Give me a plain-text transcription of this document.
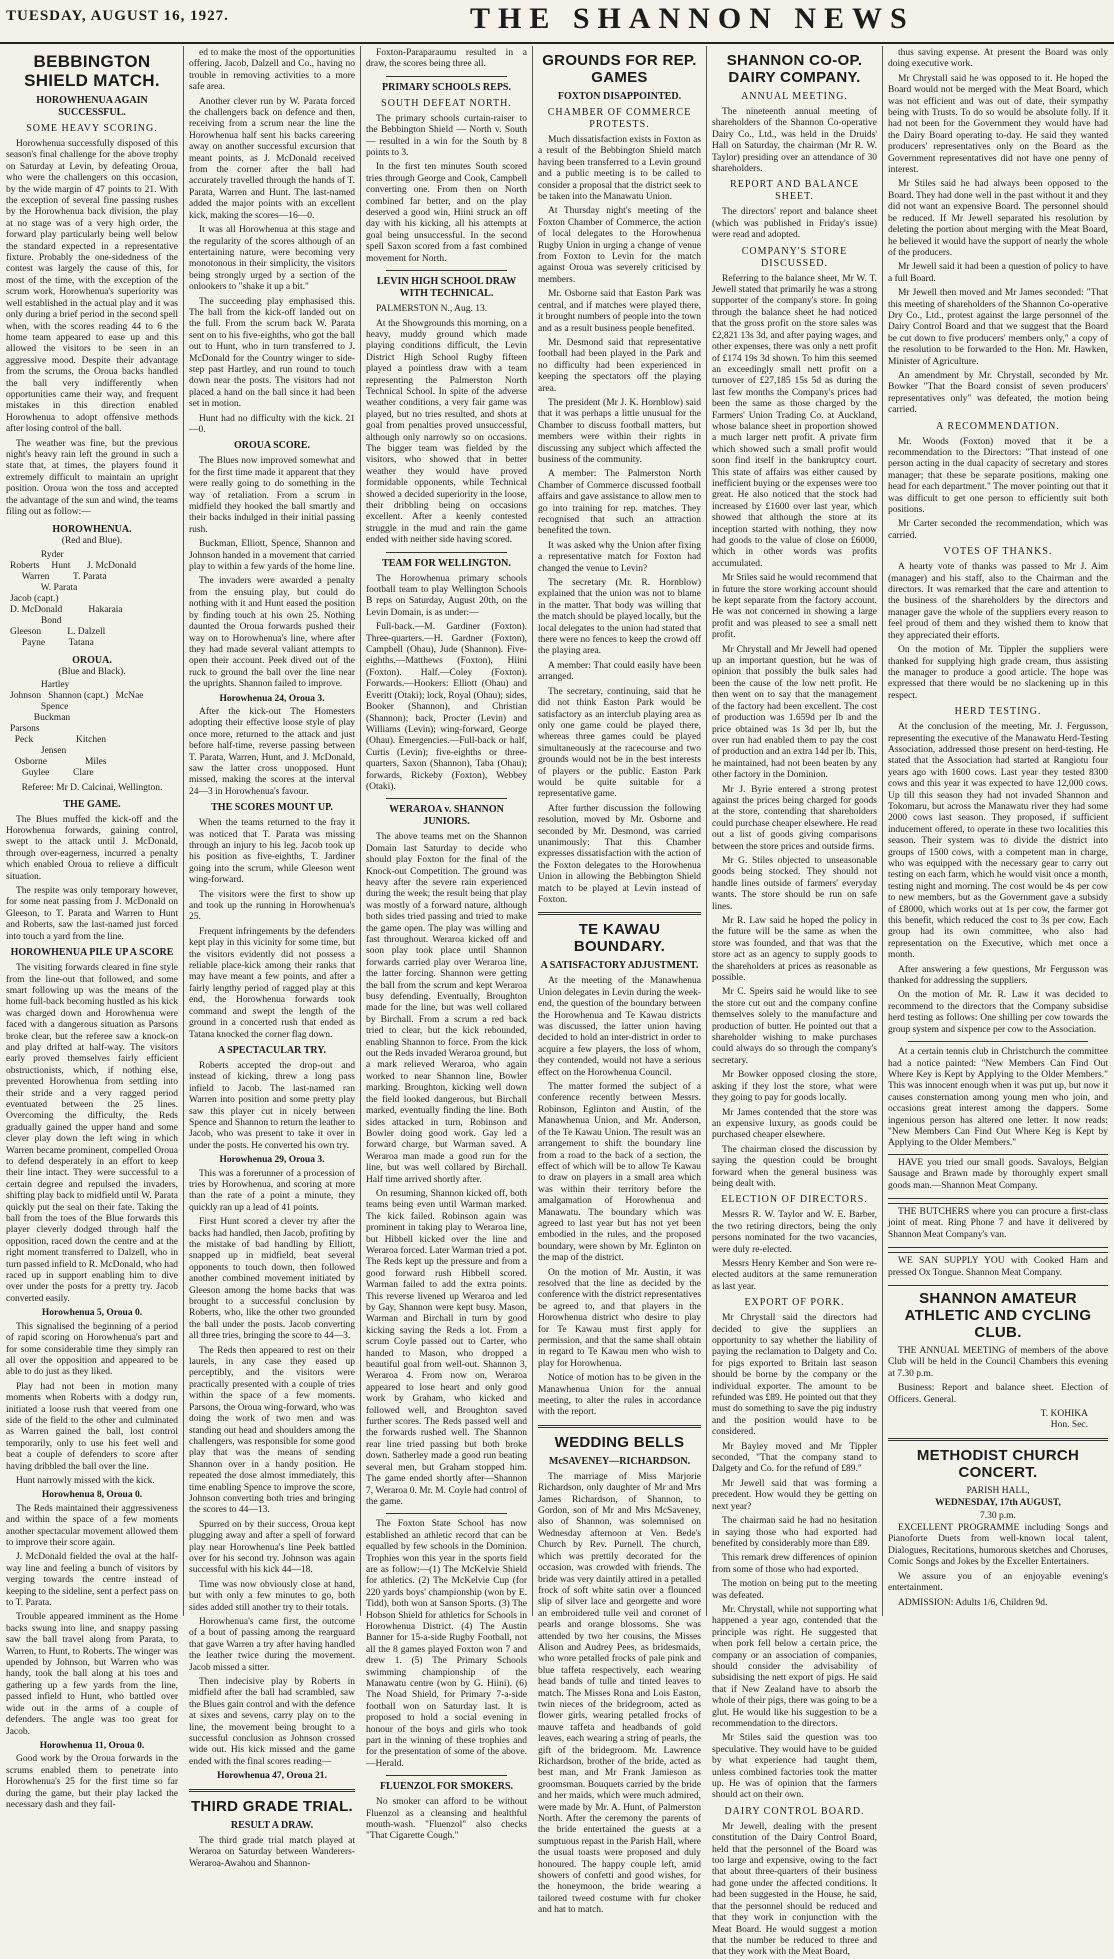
TUESDAY, AUGUST 16, 1927.	THE SHANNON NEWS
BEBBINGTON SHIELD MATCH.
HOROWHENUA AGAIN SUCCESSFUL.
SOME HEAVY SCORING.

Horowhenua successfully disposed of this season's final challenge for the above trophy on Saturday at Levin, by defeating Oroua, who were the challengers on this occasion, by the wide margin of 47 points to 21. With the exception of several fine passing rushes by the Horowhenua back division, the play at no stage was of a very high order, the forward play particularly being well below the standard expected in a representative fixture. Probably the one-sidedness of the contest was largely the cause of this, for most of the time, with the exception of the scrum work, Horowhenua's superiority was well established in the actual play and it was only during a brief period in the second spell when, with the scores reading 44 to 6 the home team appeared to ease up and this allowed the visitors to be seen in an aggressive mood. Despite their advantage from the scrums, the Oroua backs handled the ball very indifferently when opportunities came their way, and frequent mistakes in this direction enabled Horowhenua to adopt offensive methods after losing control of the ball.

The weather was fine, but the previous night's heavy rain left the ground in such a state that, at times, the players found it extremely difficult to maintain an upright position. Oroua won the toss and accepted the advantage of the sun and wind, the teams filing out as follow:—

HOROWHENUA.
(Red and Blue).
Ryder
Roberts     Hunt       J. McDonald
Warren          T. Parata
W. Parata
Jacob (capt.)
D. McDonald           Hakaraia
Bond
Gleeson           L. Dalzell
Payne          Tatana
OROUA.
(Blue and Black).
Hartley
Johnson   Shannon (capt.)   McNae
Spence
Buckman
Parsons
Peck                  Kitchen
Jensen
Osborne                Miles
Guylee          Clare
Referee: Mr D. Calcinai, Wellington.
THE GAME.

The Blues muffed the kick-off and the Horowhenua forwards, gaining control, swept to the attack until J. McDonald, through over-eagerness, incurred a penalty which enabled Oroua to relieve a difficult situation.

The respite was only temporary however, for some neat passing from J. McDonald on Gleeson, to T. Parata and Warren to Hunt and Roberts, saw the last-named just forced into touch a yard from the line.

HOROWHENUA PILE UP A SCORE

The visiting forwards cleared in fine style from the line-out that followed, and some smart following up was the means of the home full-back becoming hustled as his kick was charged down and Horowhenua were faced with a dangerous situation as Parsons broke clear, but the referee saw a knock-on and play drifted at half-way. The visitors early proved themselves fairly efficient obstructionists, which, if nothing else, prevented Horowhenua from settling into their stride and a very ragged period eventuated between the 25 lines. Overcoming the difficulty, the Reds gradually gained the upper hand and some clever play down the left wing in which Warren became prominent, compelled Oroua to defend desperately in an effort to keep their line intact. They were successful to a certain degree and repulsed the invaders, shifting play back to midfield until W. Parata quickly put the seal on their fate. Taking the ball from the toes of the Blue forwards this player cleverly dodged through half the opposition, raced down the centre and at the right moment transferred to Dalzell, who in turn passed infield to R. McDonald, who had raced up in support enabling him to dive over under the posts for a pretty try. Jacob converted easily.

Horowhenua 5, Oroua 0.

This signalised the beginning of a period of rapid scoring on Horowhenua's part and for some considerable time they simply ran all over the opposition and appeared to be able to do just as they liked.

Play had not been in motion many moments when Roberts with a dodgy run, initiated a loose rush that veered from one side of the field to the other and culminated as Warren gained the ball, lost control temporarily, only to use his feet well and beat a couple of defenders to score after having dribbled the ball over the line.

Hunt narrowly missed with the kick.

Horowhenua 8, Oroua 0.

The Reds maintained their aggressiveness and within the space of a few moments another spectacular movement allowed them to improve their score again.

J. McDonald fielded the oval at the half-way line and feeling a bunch of visitors by verging towards the centre instead of keeping to the sideline, sent a perfect pass on to T. Parata.

Trouble appeared imminent as the Home backs swung into line, and snappy passing saw the ball travel along from Parata, to Warren, to Hunt, to Roberts. The winger was upended by Johnson, but Warren who was handy, took the ball along at his toes and gathering up a few yards from the line, passed infield to Hunt, who battled over wide out in the arms of a couple of defenders. The angle was too great for Jacob.

Horowhenua 11, Oroua 0.

Good work by the Oroua forwards in the scrums enabled them to penetrate into Horowhenua's 25 for the first time so far during the game, but their play lacked the necessary dash and they fail-

ed to make the most of the opportunities offering. Jacob, Dalzell and Co., having no trouble in removing activities to a more safe area.

Another clever run by W. Parata forced the challengers back on defence and then, receiving from a scrum near the line the Horowhenua half sent his backs careering away on another successful excursion that meant points, as J. McDonald received from the corner after the ball had accurately travelled through the hands of T. Parata, Warren and Hunt. The last-named added the major points with an excellent kick, making the scores—16—0.

It was all Horowhenua at this stage and the regularity of the scores although of an entertaining nature, were becoming very monotonous in their simplicity, the visitors being strongly urged by a section of the onlookers to "shake it up a bit."

The succeeding play emphasised this. The ball from the kick-off landed out on the full. From the scrum back W. Parata sent on to his five-eighths, who got the ball out to Hunt, who in turn transferred to J. McDonald for the Country winger to side-step past Hartley, and run round to touch down near the posts. The visitors had not placed a hand on the ball since it had been set in motion.

Hunt had no difficulty with the kick. 21—0.

OROUA SCORE.

The Blues now improved somewhat and for the first time made it apparent that they were really going to do something in the way of retaliation. From a scrum in midfield they hooked the ball smartly and their backs indulged in their initial passing rush.

Buckman, Elliott, Spence, Shannon and Johnson handed in a movement that carried play to within a few yards of the home line.

The invaders were awarded a penalty from the ensuing play, but could do nothing with it and Hunt eased the position by finding touch at his own 25. Nothing daunted the Oroua forwards pushed their way on to Horowhenua's line, where after they had made several valiant attempts to open their account. Peek dived out of the ruck to ground the ball over the line near the uprights. Shannon failed to improve.

Horowhenua 24, Oroua 3.

After the kick-out The Homesters adopting their effective loose style of play once more, returned to the attack and just before half-time, reverse passing between T. Parata, Warren, Hunt, and J. McDonald, saw the latter cross unopposed. Hunt missed, making the scores at the interval 24—3 in Horowhenua's favour.

THE SCORES MOUNT UP.

When the teams returned to the fray it was noticed that T. Parata was missing through an injury to his leg. Jacob took up his position as five-eighths, T. Jardiner going into the scrum, while Gleeson went wing-forward.

The visitors were the first to show up and took up the running in Horowhenua's 25.

Frequent infringements by the defenders kept play in this vicinity for some time, but the visitors evidently did not possess a reliable place-kick among their ranks that may have meant a few points, and after a fairly lengthy period of ragged play at this end, the Horowhenua forwards took command and swept the length of the ground in a concerted rush that ended as Tatana knocked the corner flag down.

A SPECTACULAR TRY.

Roberts accepted the drop-out and instead of kicking, threw a long pass infield to Jacob. The last-named ran Warren into position and some pretty play saw this player cut in nicely between Spence and Shannon to return the leather to Jacob, who was present to take it over in under the posts. He converted his own try.

Horowhenua 29, Oroua 3.

This was a forerunner of a procession of tries by Horowhenua, and scoring at more than the rate of a point a minute, they quickly ran up a lead of 41 points.

First Hunt scored a clever try after the backs had handled, then Jacob, profiting by the mistake of bad handling by Elliott, snapped up in midfield, beat several opponents to touch down, then followed another combined movement initiated by Gleeson among the home backs that was brought to a successful conclusion by Roberts, who, like the other two grounded the ball under the posts. Jacob converting all three tries, bringing the score to 44—3.

The Reds then appeared to rest on their laurels, in any case they eased up perceptibly, and the visitors were practically presented with a couple of tries within the space of a few moments. Parsons, the Oroua wing-forward, who was doing the work of two men and was standing out head and shoulders among the challengers, was responsible for some good play that was the means of sending Shannon over in a handy position. He repeated the dose almost immediately, this time enabling Spence to improve the score, Johnson converting both tries and bringing the scores to 44—13.

Spurred on by their success, Oroua kept plugging away and after a spell of forward play near Horowhenua's line Peek battled over for his second try. Johnson was again successful with his kick 44—18.

Time was now obviously close at hand, but with only a few minutes to go, both sides added still another try to their totals.

Horowhenua's came first, the outcome of a bout of passing among the rearguard that gave Warren a try after having handled the leather twice during the movement. Jacob missed a sitter.

Then indecisive play by Roberts in midfield after the ball had scrambled, saw the Blues gain control and with the defence at sixes and sevens, carry play on to the line, the movement being brought to a successful conclusion as Johnson crossed wide out. His kick missed and the game ended with the final scores reading—

Horowhenua 47, Oroua 21.
THIRD GRADE TRIAL.
RESULT A DRAW.

The third grade trial match played at Weraroa on Saturday between Wanderers-Weraroa-Awahou and Shannon-

Foxton-Paraparaumu resulted in a draw, the scores being three all.

PRIMARY SCHOOLS REPS.
SOUTH DEFEAT NORTH.

The primary schools curtain-raiser to the Bebbington Shield — North v. South — resulted in a win for the South by 8 points to 3.

In the first ten minutes South scored tries through George and Cook, Campbell converting one. From then on North combined far better, and on the play deserved a good win, Hiini struck an off day with his kicking, all his attempts at goal being unsuccessful. In the second spell Saxon scored from a fast combined movement for North.

LEVIN HIGH SCHOOL DRAW WITH TECHNICAL.

PALMERSTON N., Aug. 13.

At the Showgrounds this morning, on a heavy, muddy ground which made playing conditions difficult, the Levin District High School Rugby fifteen played a pointless draw with a team representing the Palmerston North Technical School. In spite of the adverse weather conditions, a very fair game was played, but no tries resulted, and shots at goal from penalties proved unsuccessful, although only narrowly so on occasions. The bigger team was fielded by the visitors, who showed that in better weather they would have proved formidable opponents, while Technical showed a decided superiority in the loose, their dribbling being on occasions excellent. After a keenly contested struggle in the mud and rain the game ended with neither side having scored.

TEAM FOR WELLINGTON.

The Horowhenua primary schools football team to play Wellington Schools B reps on Saturday, August 20th, on the Levin Domain, is as under:—

Full-back.—M. Gardiner (Foxton). Three-quarters.—H. Gardner (Foxton), Campbell (Ohau), Jude (Shannon). Five-eighths.—Matthews (Foxton), Hiini (Foxton). Half.—Coley (Foxton). Forwards.—Hookers: Elliott (Ohau) and Everitt (Otaki); lock, Royal (Ohau); sides, Booker (Shannon), and Christian (Shannon); back, Procter (Levin) and Williams (Levin); wing-forward, George (Ohau). Emergencies.—Full-back or half, Curtis (Levin); five-eighths or three-quarters, Saxon (Shannon), Taba (Ohau); forwards, Rickeby (Foxton), Webbey (Otaki).

WERAROA v. SHANNON JUNIORS.

The above teams met on the Shannon Domain last Saturday to decide who should play Foxton for the final of the Knock-out Competition. The ground was heavy after the severe rain experienced during the week; the result being that play was mostly of a forward nature, although both sides tried passing and tried to make the game open. The play was willing and fast throughout. Weraroa kicked off and soon play took place until Shannon forwards carried play over Weraroa line, the latter forcing. Shannon were getting the ball from the scrum and kept Weraroa busy defending. Eventually, Broughton made for the line, but was well collared by Birchall. From a scrum a red back tried to clear, but the kick rebounded, enabling Shannon to force. From the kick out the Reds invaded Weraroa ground, but a mark relieved Weraroa, who again worked to near Shannon line, Bowler marking. Broughton, kicking well down the field looked dangerous, but Birchall marked, eventually finding the line. Both sides attacked in turn, Robinson and Bowler doing good work. Gay led a forward charge, but Warman saved. A Weraroa man made a good run for the line, but was well collared by Birchall. Half time arrived shortly after.

On resuming, Shannon kicked off, both teams being even until Warman marked. The kick failed. Robinson again was prominent in taking play to Weraroa line, but Hibbell kicked over the line and Weraroa forced. Later Warman tried a pot. The Reds kept up the pressure and from a good forward rush Hibbell scored. Warman failed to add the extra points. This reverse livened up Weraroa and led by Gay, Shannon were kept busy. Mason, Warman and Birchall in turn by good kicking saving the Reds a lot. From a scrum Coyle passed out to Carter, who handed to Mason, who dropped a beautiful goal from well-out. Shannon 3, Weraroa 4. From now on, Weraroa appeared to lose heart and only good work by Graham, who kicked and followed well, and Broughton saved further scores. The Reds passed well and the forwards rushed well. The Shannon rear line tried passing but both broke down. Satherley made a good run beating several men, but Graham stopped him. The game ended shortly after—Shannon 7, Weraroa 0. Mr. M. Coyle had control of the game.

The Foxton State School has now established an athletic record that can be equalled by few schools in the Dominion. Trophies won this year in the sports field are as follow:—(1) The McKelvie Shield for athletics. (2) The McKelvie Cup (for 220 yards boys' championship (won by E. Tidd), both won at Sanson Sports. (3) The Hobson Shield for athletics for Schools in Horowhenua District. (4) The Austin Banner for 15-a-side Rugby Football, not all the 8 games played Foxton won 7 and drew 1. (5) The Primary Schools swimming championship of the Manawatu centre (won by G. Hiini). (6) The Noad Shield, for Primary 7-a-side football won on Saturday last. It is proposed to hold a social evening in honour of the boys and girls who took part in the winning of these trophies and for the presentation of some of the above.—Herald.

FLUENZOL FOR SMOKERS.

No smoker can afford to be without Fluenzol as a cleansing and healthful mouth-wash. "Fluenzol" also checks "That Cigarette Cough."

GROUNDS FOR REP. GAMES
FOXTON DISAPPOINTED.
CHAMBER OF COMMERCE PROTESTS.

Much dissatisfaction exists in Foxton as a result of the Bebbington Shield match having been transferred to a Levin ground and a public meeting is to be called to consider a proposal that the district seek to be taken into the Manawatu Union.

At Thursday night's meeting of the Foxton Chamber of Commerce, the action of local delegates to the Horowhenua Rugby Union in urging a change of venue from Foxton to Levin for the match against Oroua was severely criticised by members.

Mr. Osborne said that Easton Park was central, and if matches were played there, it brought numbers of people into the town and as a result business people benefited.

Mr. Desmond said that representative football had been played in the Park and no difficulty had been experienced in keeping the spectators off the playing area.

The president (Mr J. K. Hornblow) said that it was perhaps a little unusual for the Chamber to discuss football matters, but members were within their rights in discussing any subject which affected the business of the community.

A member: The Palmerston North Chamber of Commerce discussed football affairs and gave assistance to allow men to go into training for rep. matches. They recognised that such an attraction benefited the town.

It was asked why the Union after fixing a representative match for Foxton had changed the venue to Levin?

The secretary (Mr. R. Hornblow) explained that the union was not to blame in the matter. That body was willing that the match should be played locally, but the local delegates to the union had stated that there were no fences to keep the crowd off the playing area.

A member: That could easily have been arranged.

The secretary, continuing, said that he did not think Easton Park would be satisfactory as an interclub playing area as only one game could be played there, whereas three games could be played simultaneously at the racecourse and two grounds would not be in the best interests of players or the public. Easton Park would be quite suitable for a representative game.

After further discussion the following resolution, moved by Mr. Osborne and seconded by Mr. Desmond, was carried unanimously: That this Chamber expresses dissatisfaction with the action of the Foxton delegates to the Horowhenua Union in allowing the Bebbington Shield match to be played at Levin instead of Foxton.

TE KAWAU BOUNDARY.
A SATISFACTORY ADJUSTMENT.

At the meeting of the Manawhenua Union delegates in Levin during the week-end, the question of the boundary between the Horowhenua and Te Kawau districts was discussed, the latter union having decided to hold an inter-district in order to acquire a few players, the loss of whom, they contended, would not have a serious effect on the Horowhenua Council.

The matter formed the subject of a conference recently between Messrs. Robinson, Eglinton and Austin, of the Manawhenua Union, and Mr. Anderson, of the Te Kawau Union. The result was an arrangement to shift the boundary line from a road to the back of a section, the effect of which will be to allow Te Kawau to draw on players in a small area which was within their territory before the amalgamation of Horowhenua and Manawatu. The boundary which was agreed to last year but has not yet been embodied in the rules, and the proposed boundary, were shown by Mr. Eglinton on the map of the district.

On the motion of Mr. Austin, it was resolved that the line as decided by the conference with the district representatives be agreed to, and that players in the Horowhenua district who desire to play for Te Kawau must first apply for permission, and that the same shall obtain in regard to Te Kawau men who wish to play for Horowhenua.

Notice of motion has to be given in the Manawhenua Union for the annual meeting, to alter the rules in accordance with the report.

WEDDING BELLS
McSAVENEY—RICHARDSON.

The marriage of Miss Marjorie Richardson, only daughter of Mr and Mrs James Richardson, of Shannon, to Gordon, son of Mr and Mrs McSaveney, also of Shannon, was solemnised on Wednesday afternoon at Ven. Bede's Church by Rev. Purnell. The church, which was prettily decorated for the occasion, was crowded with friends. The bride was very daintily attired in a petalled frock of soft white satin over a flounced slip of silver lace and georgette and wore an embroidered tulle veil and coronet of pearls and orange blossoms. She was attended by two her cousins, the Misses Alison and Audrey Pees, as bridesmaids, who wore petalled frocks of pale pink and blue taffeta respectively, each wearing head bands of tulle and tinted leaves to match. The Misses Rona and Lois Easton, twin nieces of the bridegroom, acted as flower girls, wearing petalled frocks of mauve taffeta and headbands of gold leaves, each wearing a string of pearls, the gift of the bridegroom. Mr. Lawrence Richardson, brother of the bride, acted as best man, and Mr Frank Jamieson as groomsman. Bouquets carried by the bride and her maids, which were much admired, were made by Mr. A. Hunt, of Palmerston North. After the ceremony the parents of the bride entertained the guests at a sumptuous repast in the Parish Hall, where the usual toasts were proposed and duly honoured. The happy couple left, amid showers of confetti and good wishes, for the honeymoon, the bride wearing a tailored tweed costume with fur choker and hat to match.

SHANNON CO-OP. DAIRY COMPANY.
ANNUAL MEETING.

The nineteenth annual meeting of shareholders of the Shannon Co-operative Dairy Co., Ltd., was held in the Druids' Hall on Saturday, the chairman (Mr R. W. Taylor) presiding over an attendance of 30 shareholders.

REPORT AND BALANCE SHEET.

The directors' report and balance sheet (which was published in Friday's issue) were read and adopted.

COMPANY'S STORE DISCUSSED.

Referring to the balance sheet, Mr W. T. Jewell stated that primarily he was a strong supporter of the company's store. In going through the balance sheet he had noticed that the gross profit on the store sales was £2,821 13s 3d, and after paying wages, and other expenses, there was only a nett profit of £174 19s 3d shown. To him this seemed an exceedingly small nett profit on a turnover of £27,185 15s 5d as during the last few months the Company's prices had been the same as those charged by the Farmers' Union Trading Co. at Auckland, whose balance sheet in proportion showed a much larger nett profit. A private firm which showed such a small profit would soon find itself in the bankruptcy court. This state of affairs was either caused by inefficient buying or the expenses were too great. He also noticed that the stock had increased by £1600 over last year, which showed that although the store at its inception started with nothing, they now had goods to the value of close on £6000, which in other words was profits accumulated.

Mr Stiles said he would recommend that in future the store working account should be kept separate from the factory account. He was not concerned in showing a large profit and was pleased to see a small nett profit.

Mr Chrystall and Mr Jewell had opened up an important question, but he was of opinion that possibly the bulk sales had been the cause of the low nett profit. He then went on to say that the management of the factory had been excellent. The cost of production was 1.659d per lb and the price obtained was 1s 3d per lb, but the over run had enabled them to pay the cost of production and an extra 14d per lb. This, he maintained, had not been beaten by any other factory in the Dominion.

Mr J. Byrie entered a strong protest against the prices being charged for goods at the store, contending that shareholders could purchase cheaper elsewhere. He read out a list of goods giving comparisons between the store prices and outside firms.

Mr G. Stiles objected to unseasonable goods being stocked. They should not handle lines outside of farmers' everyday wants. The store should be run on safe lines.

Mr R. Law said he hoped the policy in the future will be the same as when the store was founded, and that was that the store act as an agency to supply goods to the shareholders at prices as reasonable as possible.

Mr C. Speirs said he would like to see the store cut out and the company confine themselves solely to the manufacture and production of butter. He pointed out that a shareholder wishing to make purchases could always do so through the company's secretary.

Mr Bowker opposed closing the store, asking if they lost the store, what were they going to pay for goods locally.

Mr James contended that the store was an expensive luxury, as goods could be purchased cheaper elsewhere.

The chairman closed the discussion by saying the question could be brought forward when the general business was being dealt with.

ELECTION OF DIRECTORS.

Messrs R. W. Taylor and W. E. Barber, the two retiring directors, being the only persons nominated for the two vacancies, were duly re-elected.

Messrs Henry Kember and Son were re-elected auditors at the same remuneration as last year.

EXPORT OF PORK.

Mr Chrystall said the directors had decided to give the suppliers an opportunity to say whether the liability of paying the reclamation to Dalgety and Co. for pigs exported to Britain last season should be borne by the company or the individual exporter. The amount to be refunded was £89. He pointed out that they must do something to save the pig industry and the position would have to be considered.

Mr Bayley moved and Mr Tippler seconded, "That the company stand to Dalgety and Co. for the refund of £89."

Mr Jewell said that was forming a precedent. How would they be getting on next year?

The chairman said he had no hesitation in saying those who had exported had benefited by considerably more than £89.

This remark drew differences of opinion from some of those who had exported.

The motion on being put to the meeting was defeated.

Mr. Chrystall, while not supporting what happened a year ago, contended that the principle was right. He suggested that when pork fell below a certain price, the company or an association of companies, should consider the advisability of subsidising the nett export of pigs. He said that if New Zealand have to absorb the whole of their pigs, there was going to be a glut. He would like his suggestion to be a recommendation to the directors.

Mr Stiles said the question was too speculative. They would have to be guided by what experience had taught them, unless combined factories took the matter up. He was of opinion that the farmers should act on their own.

DAIRY CONTROL BOARD.

Mr Jewell, dealing with the present constitution of the Dairy Control Board, held that the personnel of the Board was too large and expensive, owing to the fact that about three-quarters of their business had gone under the affected conditions. It had been suggested in the House, he said, that the personnel should be reduced and that they work in conjunction with the Meat Board. He would suggest a motion that the number be reduced to three and that they work with the Meat Board,

thus saving expense. At present the Board was only doing executive work.

Mr Chrystall said he was opposed to it. He hoped the Board would not be merged with the Meat Board, which was not efficient and was out of date, their sympathy being with Trusts. To do so would be absolute folly. If it had not been for the Government they would have had the Dairy Board operating to-day. He said they wanted producers' representatives only on the Board as the Government representatives did not have one penny of interest.

Mr Stiles said he had always been opposed to the Board. They had done well in the past without it and they did not want an expensive Board. The personnel should be reduced. If Mr Jewell separated his resolution by deleting the portion about merging with the Meat Board, he believed it would have the support of nearly the whole of the producers.

Mr Jewell said it had been a question of policy to have a full Board.

Mr Jewell then moved and Mr James seconded: "That this meeting of shareholders of the Shannon Co-operative Dry Co., Ltd., protest against the large personnel of the Dairy Control Board and that we suggest that the Board be cut down to five producers' members only," a copy of the resolution to be forwarded to the Hon. Mr. Hawken, Minister of Agriculture.

An amendment by Mr. Chrystall, seconded by Mr. Bowker "That the Board consist of seven producers' representatives only" was defeated, the motion being carried.

A RECOMMENDATION.

Mr. Woods (Foxton) moved that it be a recommendation to the Directors: "That instead of one person acting in the dual capacity of secretary and stores manager; that these be separate positions, making one head for each department." The mover pointing out that it was difficult to get one person to efficiently suit both positions.

Mr Carter seconded the recommendation, which was carried.

VOTES OF THANKS.

A hearty vote of thanks was passed to Mr J. Aim (manager) and his staff, also to the Chairman and the directors. It was remarked that the care and attention to the business of the shareholders by the directors and manager gave the whole of the suppliers every reason to feel proud of them and they wished them to know that they appreciated their efforts.

On the motion of Mr. Tippler the suppliers were thanked for supplying high grade cream, thus assisting the manager to produce a good article. The hope was expressed that there would be no slackening up in this respect.

HERD TESTING.

At the conclusion of the meeting, Mr. J. Fergusson, representing the executive of the Manawatu Herd-Testing Association, addressed those present on herd-testing. He stated that the Association had started at Rangiotu four years ago with 1600 cows. Last year they tested 8300 cows and this year it was expected to have 12,000 cows. Up till this season they had not invaded Shannon and Tokomaru, but across the Manawatu river they had some 2000 cows last season. They proposed, if sufficient inducement offered, to operate in these two localities this season. Their system was to divide the district into groups of 1500 cows, with a competent man in charge, who was equipped with the necessary gear to carry out testing on each farm, which he would visit once a month, testing night and morning. The cost would be 4s per cow to new members, but as the Government gave a subsidy of £8000, which works out at 1s per cow, the farmer got this benefit, which reduced the cost to 3s per cow. Each group had its own committee, who also had representation on the Executive, which met once a month.

After answering a few questions, Mr Fergusson was thanked for addressing the suppliers.

On the motion of Mr. R. Law it was decided to recommend to the directors that the Company subsidise herd testing as follows: One shilling per cow towards the group system and sixpence per cow to the Association.

At a certain tennis club in Christchurch the committee had a notice painted: "New Members Can Find Out Where Key is Kept by Applying to the Older Members." This was innocent enough when it was put up, but now it causes consternation among young men who join, and occasions great interest among the dappers. Some ingenious person has altered one letter. It now reads: "New Members Can Find Out Where Keg is Kept by Applying to the Older Members."

HAVE you tried our small goods. Savaloys, Belgian Sausage and Brawn made by thoroughly expert small goods man.—Shannon Meat Company.

THE BUTCHERS where you can procure a first-class joint of meat. Ring Phone 7 and have it delivered by Shannon Meat Company's van.

WE SAN SUPPLY YOU with Cooked Ham and pressed Ox Tongue. Shannon Meat Company.

SHANNON AMATEUR ATHLETIC AND CYCLING CLUB.

THE ANNUAL MEETING of members of the above Club will be held in the Council Chambers this evening at 7.30 p.m.

Business: Report and balance sheet. Election of Officers. General.

T. KOHIKA
Hon. Sec.
METHODIST CHURCH CONCERT.
PARISH HALL,
WEDNESDAY, 17th AUGUST,
7.30 p.m.

EXCELLENT PROGRAMME including Songs and Pianoforte Duets from well-known local talent, Dialogues, Recitations, humorous sketches and Choruses, Comic Songs and Jokes by the Exceller Entertainers.

We assure you of an enjoyable evening's entertainment.

ADMISSION: Adults 1/6, Children 9d.
